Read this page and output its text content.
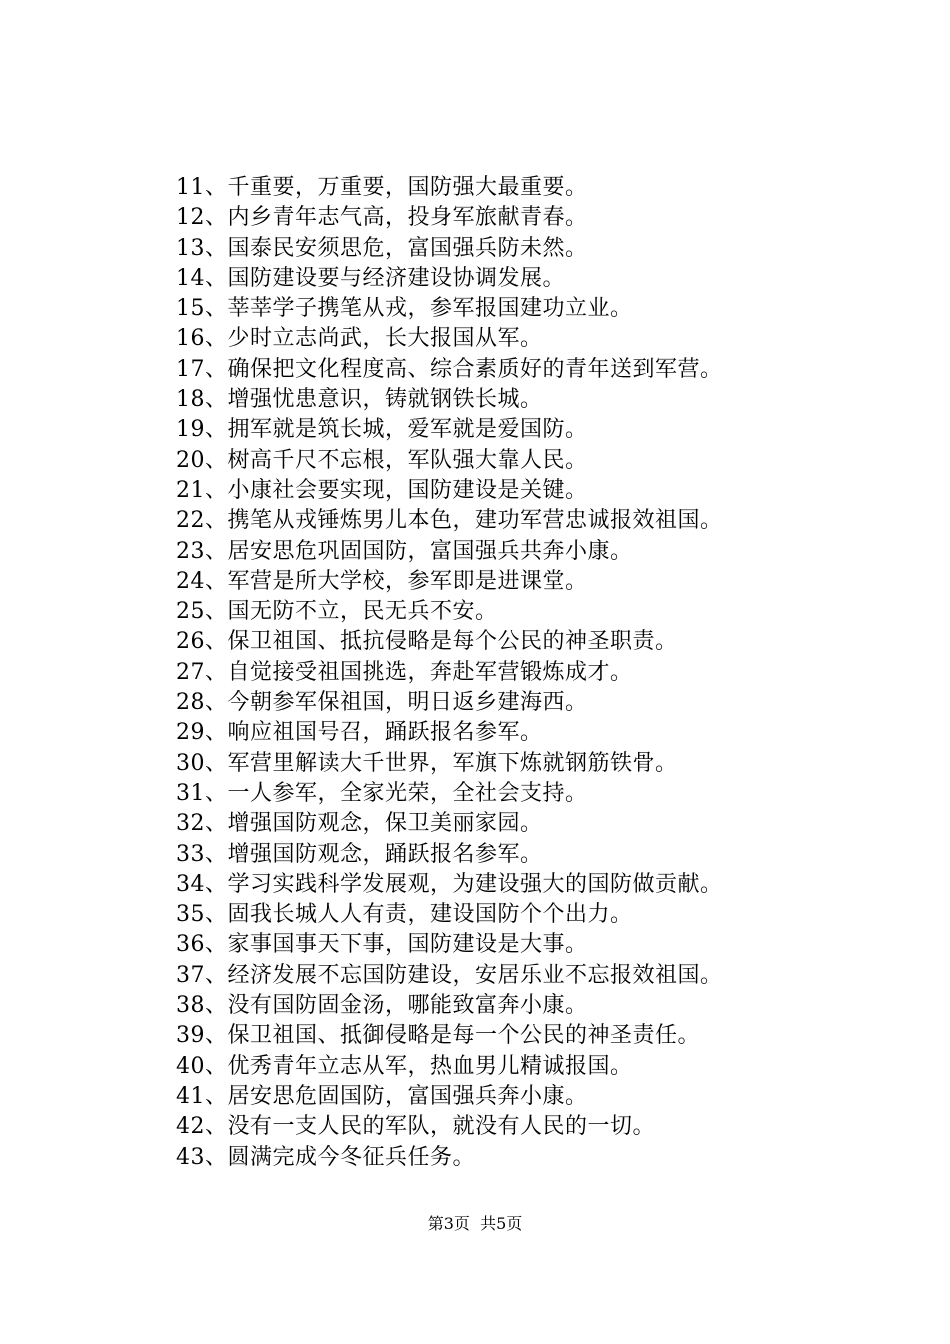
11、千重要，万重要，国防强大最重要。
12、内乡青年志气高，投身军旅献青春。
13、国泰民安须思危，富国强兵防未然。
14、国防建设要与经济建设协调发展。
15、莘莘学子携笔从戎，参军报国建功立业。
16、少时立志尚武，长大报国从军。
17、确保把文化程度高、综合素质好的青年送到军营。
18、增强忧患意识，铸就钢铁长城。
19、拥军就是筑长城，爱军就是爱国防。
20、树高千尺不忘根，军队强大靠人民。
21、小康社会要实现，国防建设是关键。
22、携笔从戎锤炼男儿本色，建功军营忠诚报效祖国。
23、居安思危巩固国防，富国强兵共奔小康。
24、军营是所大学校，参军即是进课堂。
25、国无防不立，民无兵不安。
26、保卫祖国、抵抗侵略是每个公民的神圣职责。
27、自觉接受祖国挑选，奔赴军营锻炼成才。
28、今朝参军保祖国，明日返乡建海西。
29、响应祖国号召，踊跃报名参军。
30、军营里解读大千世界，军旗下炼就钢筋铁骨。
31、一人参军，全家光荣，全社会支持。
32、增强国防观念，保卫美丽家园。
33、增强国防观念，踊跃报名参军。
34、学习实践科学发展观，为建设强大的国防做贡献。
35、固我长城人人有责，建设国防个个出力。
36、家事国事天下事，国防建设是大事。
37、经济发展不忘国防建设，安居乐业不忘报效祖国。
38、没有国防固金汤，哪能致富奔小康。
39、保卫祖国、抵御侵略是每一个公民的神圣责任。
40、优秀青年立志从军，热血男儿精诚报国。
41、居安思危固国防，富国强兵奔小康。
42、没有一支人民的军队，就没有人民的一切。
43、圆满完成今冬征兵任务。
第3页  共5页
